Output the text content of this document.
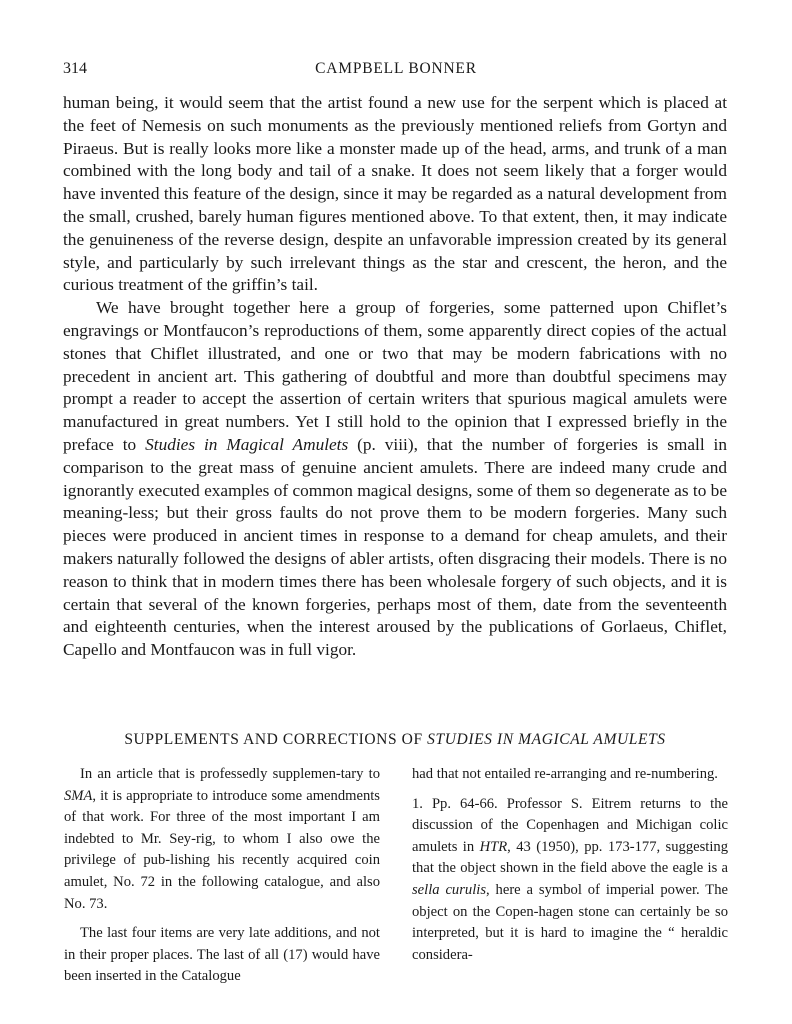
314	CAMPBELL BONNER

human being, it would seem that the artist found a new use for the serpent which is placed at the feet of Nemesis on such monuments as the previously mentioned reliefs from Gortyn and Piraeus. But is really looks more like a monster made up of the head, arms, and trunk of a man combined with the long body and tail of a snake. It does not seem likely that a forger would have invented this feature of the design, since it may be regarded as a natural development from the small, crushed, barely human figures mentioned above. To that extent, then, it may indicate the genuineness of the reverse design, despite an unfavorable impression created by its general style, and particularly by such irrelevant things as the star and crescent, the heron, and the curious treatment of the griffin’s tail.

We have brought together here a group of forgeries, some patterned upon Chiflet’s engravings or Montfaucon’s reproductions of them, some apparently direct copies of the actual stones that Chiflet illustrated, and one or two that may be modern fabrications with no precedent in ancient art. This gathering of doubtful and more than doubtful specimens may prompt a reader to accept the assertion of certain writers that spurious magical amulets were manufactured in great numbers. Yet I still hold to the opinion that I expressed briefly in the preface to Studies in Magical Amulets (p. viii), that the number of forgeries is small in comparison to the great mass of genuine ancient amulets. There are indeed many crude and ignorantly executed examples of common magical designs, some of them so degenerate as to be meaning-less; but their gross faults do not prove them to be modern forgeries. Many such pieces were produced in ancient times in response to a demand for cheap amulets, and their makers naturally followed the designs of abler artists, often disgracing their models. There is no reason to think that in modern times there has been wholesale forgery of such objects, and it is certain that several of the known forgeries, perhaps most of them, date from the seventeenth and eighteenth centuries, when the interest aroused by the publications of Gorlaeus, Chiflet, Capello and Montfaucon was in full vigor.

SUPPLEMENTS AND CORRECTIONS OF STUDIES IN MAGICAL AMULETS

In an article that is professedly supplemen-tary to SMA, it is appropriate to introduce some amendments of that work. For three of the most important I am indebted to Mr. Sey-rig, to whom I also owe the privilege of pub-lishing his recently acquired coin amulet, No. 72 in the following catalogue, and also No. 73.

The last four items are very late additions, and not in their proper places. The last of all (17) would have been inserted in the Catalogue

had that not entailed re-arranging and re-numbering.

1. Pp. 64-66. Professor S. Eitrem returns to the discussion of the Copenhagen and Michigan colic amulets in HTR, 43 (1950), pp. 173-177, suggesting that the object shown in the field above the eagle is a sella curulis, here a symbol of imperial power. The object on the Copen-hagen stone can certainly be so interpreted, but it is hard to imagine the “ heraldic considera-
